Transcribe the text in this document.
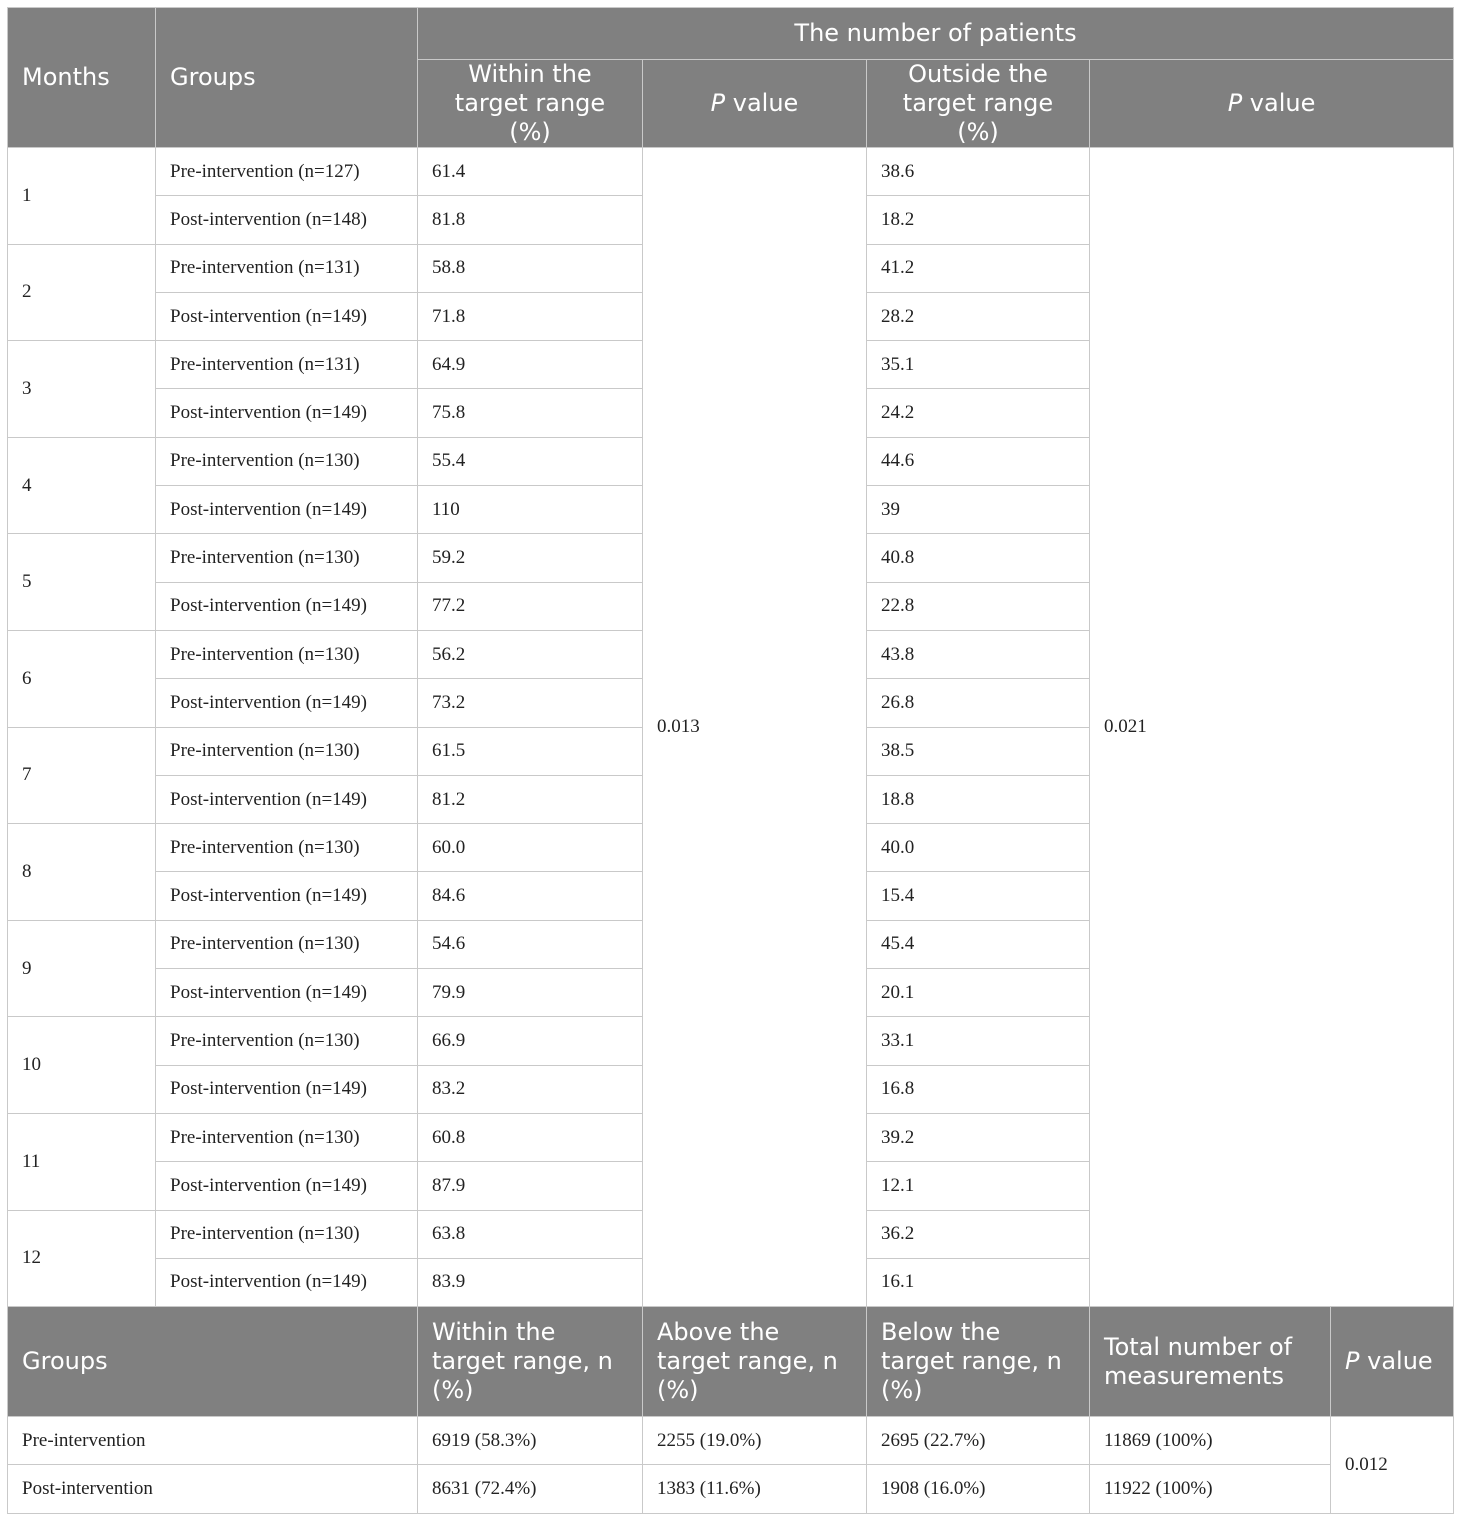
Months	Groups	The number of patients				
		Within the target range (%)	P value	Outside the target range (%)	P value	
1	Pre-intervention (n=127)	61.4	0.013	38.6	0.021	
	Post-intervention (n=148)	81.8		18.2		
2	Pre-intervention (n=131)	58.8		41.2		
	Post-intervention (n=149)	71.8		28.2		
3	Pre-intervention (n=131)	64.9		35.1		
	Post-intervention (n=149)	75.8		24.2		
4	Pre-intervention (n=130)	55.4		44.6		
	Post-intervention (n=149)	110		39		
5	Pre-intervention (n=130)	59.2		40.8		
	Post-intervention (n=149)	77.2		22.8		
6	Pre-intervention (n=130)	56.2		43.8		
	Post-intervention (n=149)	73.2		26.8		
7	Pre-intervention (n=130)	61.5		38.5		
	Post-intervention (n=149)	81.2		18.8		
8	Pre-intervention (n=130)	60.0		40.0		
	Post-intervention (n=149)	84.6		15.4		
9	Pre-intervention (n=130)	54.6		45.4		
	Post-intervention (n=149)	79.9		20.1		
10	Pre-intervention (n=130)	66.9		33.1		
	Post-intervention (n=149)	83.2		16.8		
11	Pre-intervention (n=130)	60.8		39.2		
	Post-intervention (n=149)	87.9		12.1		
12	Pre-intervention (n=130)	63.8		36.2		
	Post-intervention (n=149)	83.9		16.1		
Groups		Within the target range, n (%)	Above the target range, n (%)	Below the target range, n (%)	Total number of measurements	P value
Pre-intervention		6919 (58.3%)	2255 (19.0%)	2695 (22.7%)	11869 (100%)	0.012
Post-intervention		8631 (72.4%)	1383 (11.6%)	1908 (16.0%)	11922 (100%)	
